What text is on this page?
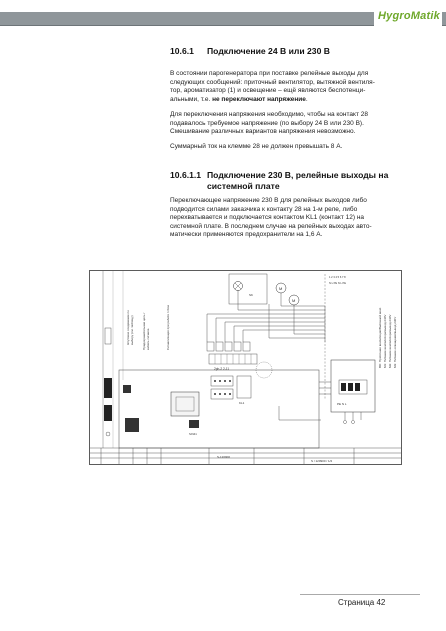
HygroMatik
10.6.1 Подключение 24 В или 230 В
В состоянии парогенератора при поставке релейные выходы для
следующих сообщений: приточный вентилятор, вытяжной вентиля-
тор, ароматизатор (1) и освещение – ещё являются беспотенци-
альными, т.е. не переключают напряжение.
Для переключения напряжения необходимо, чтобы на контакт 28
подавалось требуемое напряжение (по выбору 24 В или 230 В).
Смешивание различных вариантов напряжения невозможно.
Суммарный ток на клемме 28 не должен превышать 8 А.
10.6.1.1 Подключение 230 В, релейные выходы на
системной плате
Переключающее напряжение 230 В для релейных выходов либо
подводится силами заказчика к контакту 28 на 1-м реле, либо
перехватывается и подключается контактом KL1 (контакт 12) на
системной плате. В последнем случае на релейных выходах авто-
матически применяются предохранители на 1,6 А.
Жгутовое соединение по выбору (см. таблицу)	Предохранительная цепь / кабель сигнала	Сигнализация при работе / сбое
2ph-2 2-11
KL1
S/N41
M
M
SK
1 2 3 4 5 6 7 8
N L PE N L PE
ВО: Приточная вентиляция/Вытяжной вент. М1: Питание вентилятора/выход 230V М2: Питание вентилятора/выход 230V М3: Питание освещения/выход 230V
PE N L
S-120900
S / 120900 / 1/2
Страница 42
